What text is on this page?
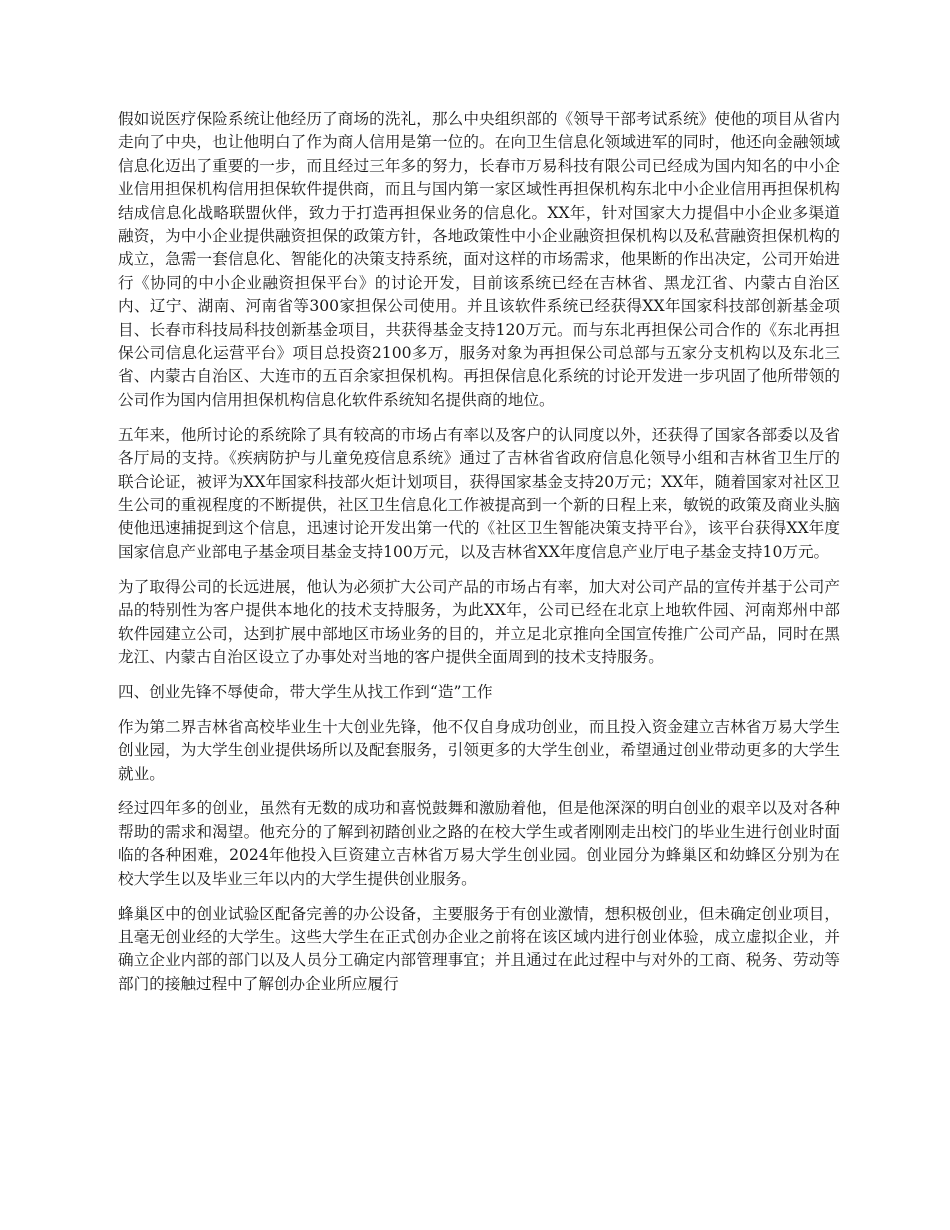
假如说医疗保险系统让他经历了商场的洗礼，那么中央组织部的《领导干部考试系统》使他的项目从省内走向了中央，也让他明白了作为商人信用是第一位的。在向卫生信息化领域进军的同时，他还向金融领域信息化迈出了重要的一步，而且经过三年多的努力，长春市万易科技有限公司已经成为国内知名的中小企业信用担保机构信用担保软件提供商，而且与国内第一家区域性再担保机构东北中小企业信用再担保机构结成信息化战略联盟伙伴，致力于打造再担保业务的信息化。XX年，针对国家大力提倡中小企业多渠道融资，为中小企业提供融资担保的政策方针，各地政策性中小企业融资担保机构以及私营融资担保机构的成立，急需一套信息化、智能化的决策支持系统，面对这样的市场需求，他果断的作出决定，公司开始进行《协同的中小企业融资担保平台》的讨论开发，目前该系统已经在吉林省、黑龙江省、内蒙古自治区内、辽宁、湖南、河南省等300家担保公司使用。并且该软件系统已经获得XX年国家科技部创新基金项目、长春市科技局科技创新基金项目，共获得基金支持120万元。而与东北再担保公司合作的《东北再担保公司信息化运营平台》项目总投资2100多万，服务对象为再担保公司总部与五家分支机构以及东北三省、内蒙古自治区、大连市的五百余家担保机构。再担保信息化系统的讨论开发进一步巩固了他所带领的公司作为国内信用担保机构信息化软件系统知名提供商的地位。

五年来，他所讨论的系统除了具有较高的市场占有率以及客户的认同度以外，还获得了国家各部委以及省各厅局的支持。《疾病防护与儿童免疫信息系统》通过了吉林省省政府信息化领导小组和吉林省卫生厅的联合论证，被评为XX年国家科技部火炬计划项目，获得国家基金支持20万元；XX年，随着国家对社区卫生公司的重视程度的不断提供，社区卫生信息化工作被提高到一个新的日程上来，敏锐的政策及商业头脑使他迅速捕捉到这个信息，迅速讨论开发出第一代的《社区卫生智能决策支持平台》，该平台获得XX年度国家信息产业部电子基金项目基金支持100万元，以及吉林省XX年度信息产业厅电子基金支持10万元。

为了取得公司的长远进展，他认为必须扩大公司产品的市场占有率，加大对公司产品的宣传并基于公司产品的特别性为客户提供本地化的技术支持服务，为此XX年，公司已经在北京上地软件园、河南郑州中部软件园建立公司，达到扩展中部地区市场业务的目的，并立足北京推向全国宣传推广公司产品，同时在黑龙江、内蒙古自治区设立了办事处对当地的客户提供全面周到的技术支持服务。

四、创业先锋不辱使命，带大学生从找工作到“造”工作

作为第二界吉林省高校毕业生十大创业先锋，他不仅自身成功创业，而且投入资金建立吉林省万易大学生创业园，为大学生创业提供场所以及配套服务，引领更多的大学生创业，希望通过创业带动更多的大学生就业。

经过四年多的创业，虽然有无数的成功和喜悦鼓舞和激励着他，但是他深深的明白创业的艰辛以及对各种帮助的需求和渴望。他充分的了解到初踏创业之路的在校大学生或者刚刚走出校门的毕业生进行创业时面临的各种困难，2024年他投入巨资建立吉林省万易大学生创业园。创业园分为蜂巢区和幼蜂区分别为在校大学生以及毕业三年以内的大学生提供创业服务。

蜂巢区中的创业试验区配备完善的办公设备，主要服务于有创业激情，想积极创业，但未确定创业项目，且毫无创业经的大学生。这些大学生在正式创办企业之前将在该区域内进行创业体验，成立虚拟企业，并确立企业内部的部门以及人员分工确定内部管理事宜；并且通过在此过程中与对外的工商、税务、劳动等部门的接触过程中了解创办企业所应履行
